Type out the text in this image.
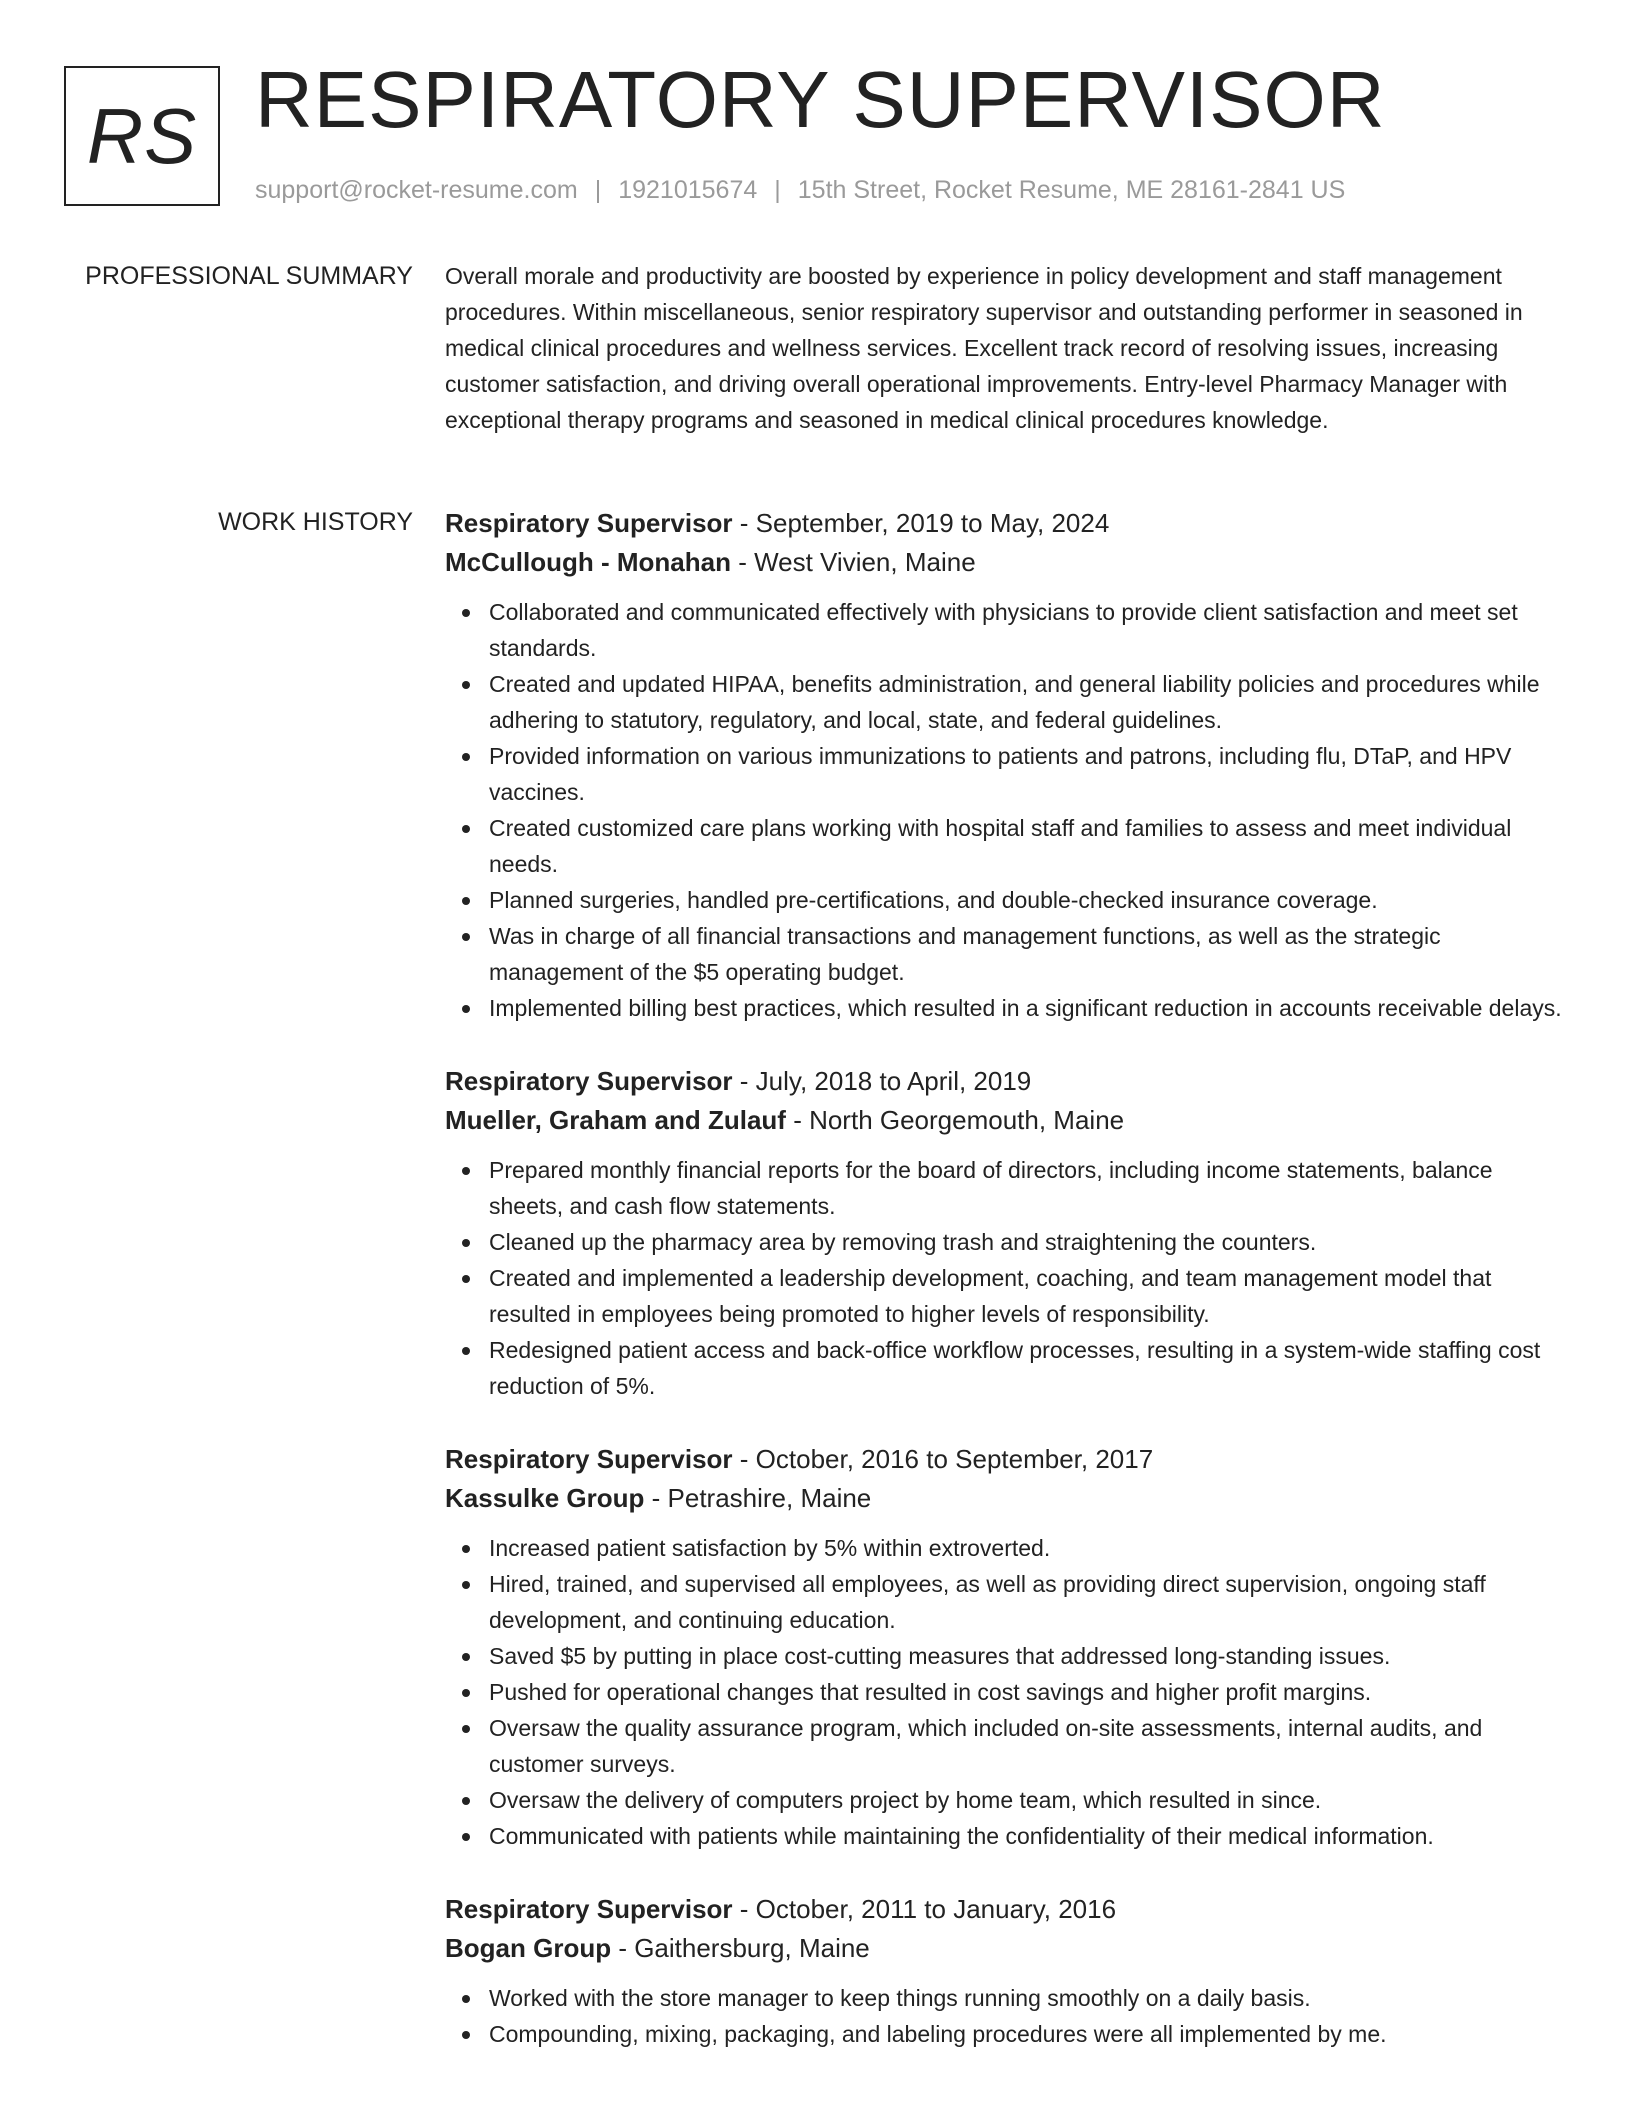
RS RESPIRATORY SUPERVISOR
support@rocket-resume.com | 1921015674 | 15th Street, Rocket Resume, ME 28161-2841 US
PROFESSIONAL SUMMARY Overall morale and productivity are boosted by experience in policy development and staff management procedures. Within miscellaneous, senior respiratory supervisor and outstanding performer in seasoned in medical clinical procedures and wellness services. Excellent track record of resolving issues, increasing customer satisfaction, and driving overall operational improvements. Entry-level Pharmacy Manager with exceptional therapy programs and seasoned in medical clinical procedures knowledge.

WORK HISTORY Respiratory Supervisor - September, 2019 to May, 2024
McCullough - Monahan - West Vivien, Maine
Collaborated and communicated effectively with physicians to provide client satisfaction and meet set standards.
Created and updated HIPAA, benefits administration, and general liability policies and procedures while adhering to statutory, regulatory, and local, state, and federal guidelines.
Provided information on various immunizations to patients and patrons, including flu, DTaP, and HPV vaccines.
Created customized care plans working with hospital staff and families to assess and meet individual needs.
Planned surgeries, handled pre-certifications, and double-checked insurance coverage.
Was in charge of all financial transactions and management functions, as well as the strategic management of the $5 operating budget.
Implemented billing best practices, which resulted in a significant reduction in accounts receivable delays.
Respiratory Supervisor - July, 2018 to April, 2019
Mueller, Graham and Zulauf - North Georgemouth, Maine
Prepared monthly financial reports for the board of directors, including income statements, balance sheets, and cash flow statements.
Cleaned up the pharmacy area by removing trash and straightening the counters.
Created and implemented a leadership development, coaching, and team management model that resulted in employees being promoted to higher levels of responsibility.
Redesigned patient access and back-office workflow processes, resulting in a system-wide staffing cost reduction of 5%.
Respiratory Supervisor - October, 2016 to September, 2017
Kassulke Group - Petrashire, Maine
Increased patient satisfaction by 5% within extroverted.
Hired, trained, and supervised all employees, as well as providing direct supervision, ongoing staff development, and continuing education.
Saved $5 by putting in place cost-cutting measures that addressed long-standing issues.
Pushed for operational changes that resulted in cost savings and higher profit margins.
Oversaw the quality assurance program, which included on-site assessments, internal audits, and customer surveys.
Oversaw the delivery of computers project by home team, which resulted in since.
Communicated with patients while maintaining the confidentiality of their medical information.
Respiratory Supervisor - October, 2011 to January, 2016
Bogan Group - Gaithersburg, Maine
Worked with the store manager to keep things running smoothly on a daily basis.
Compounding, mixing, packaging, and labeling procedures were all implemented by me.
